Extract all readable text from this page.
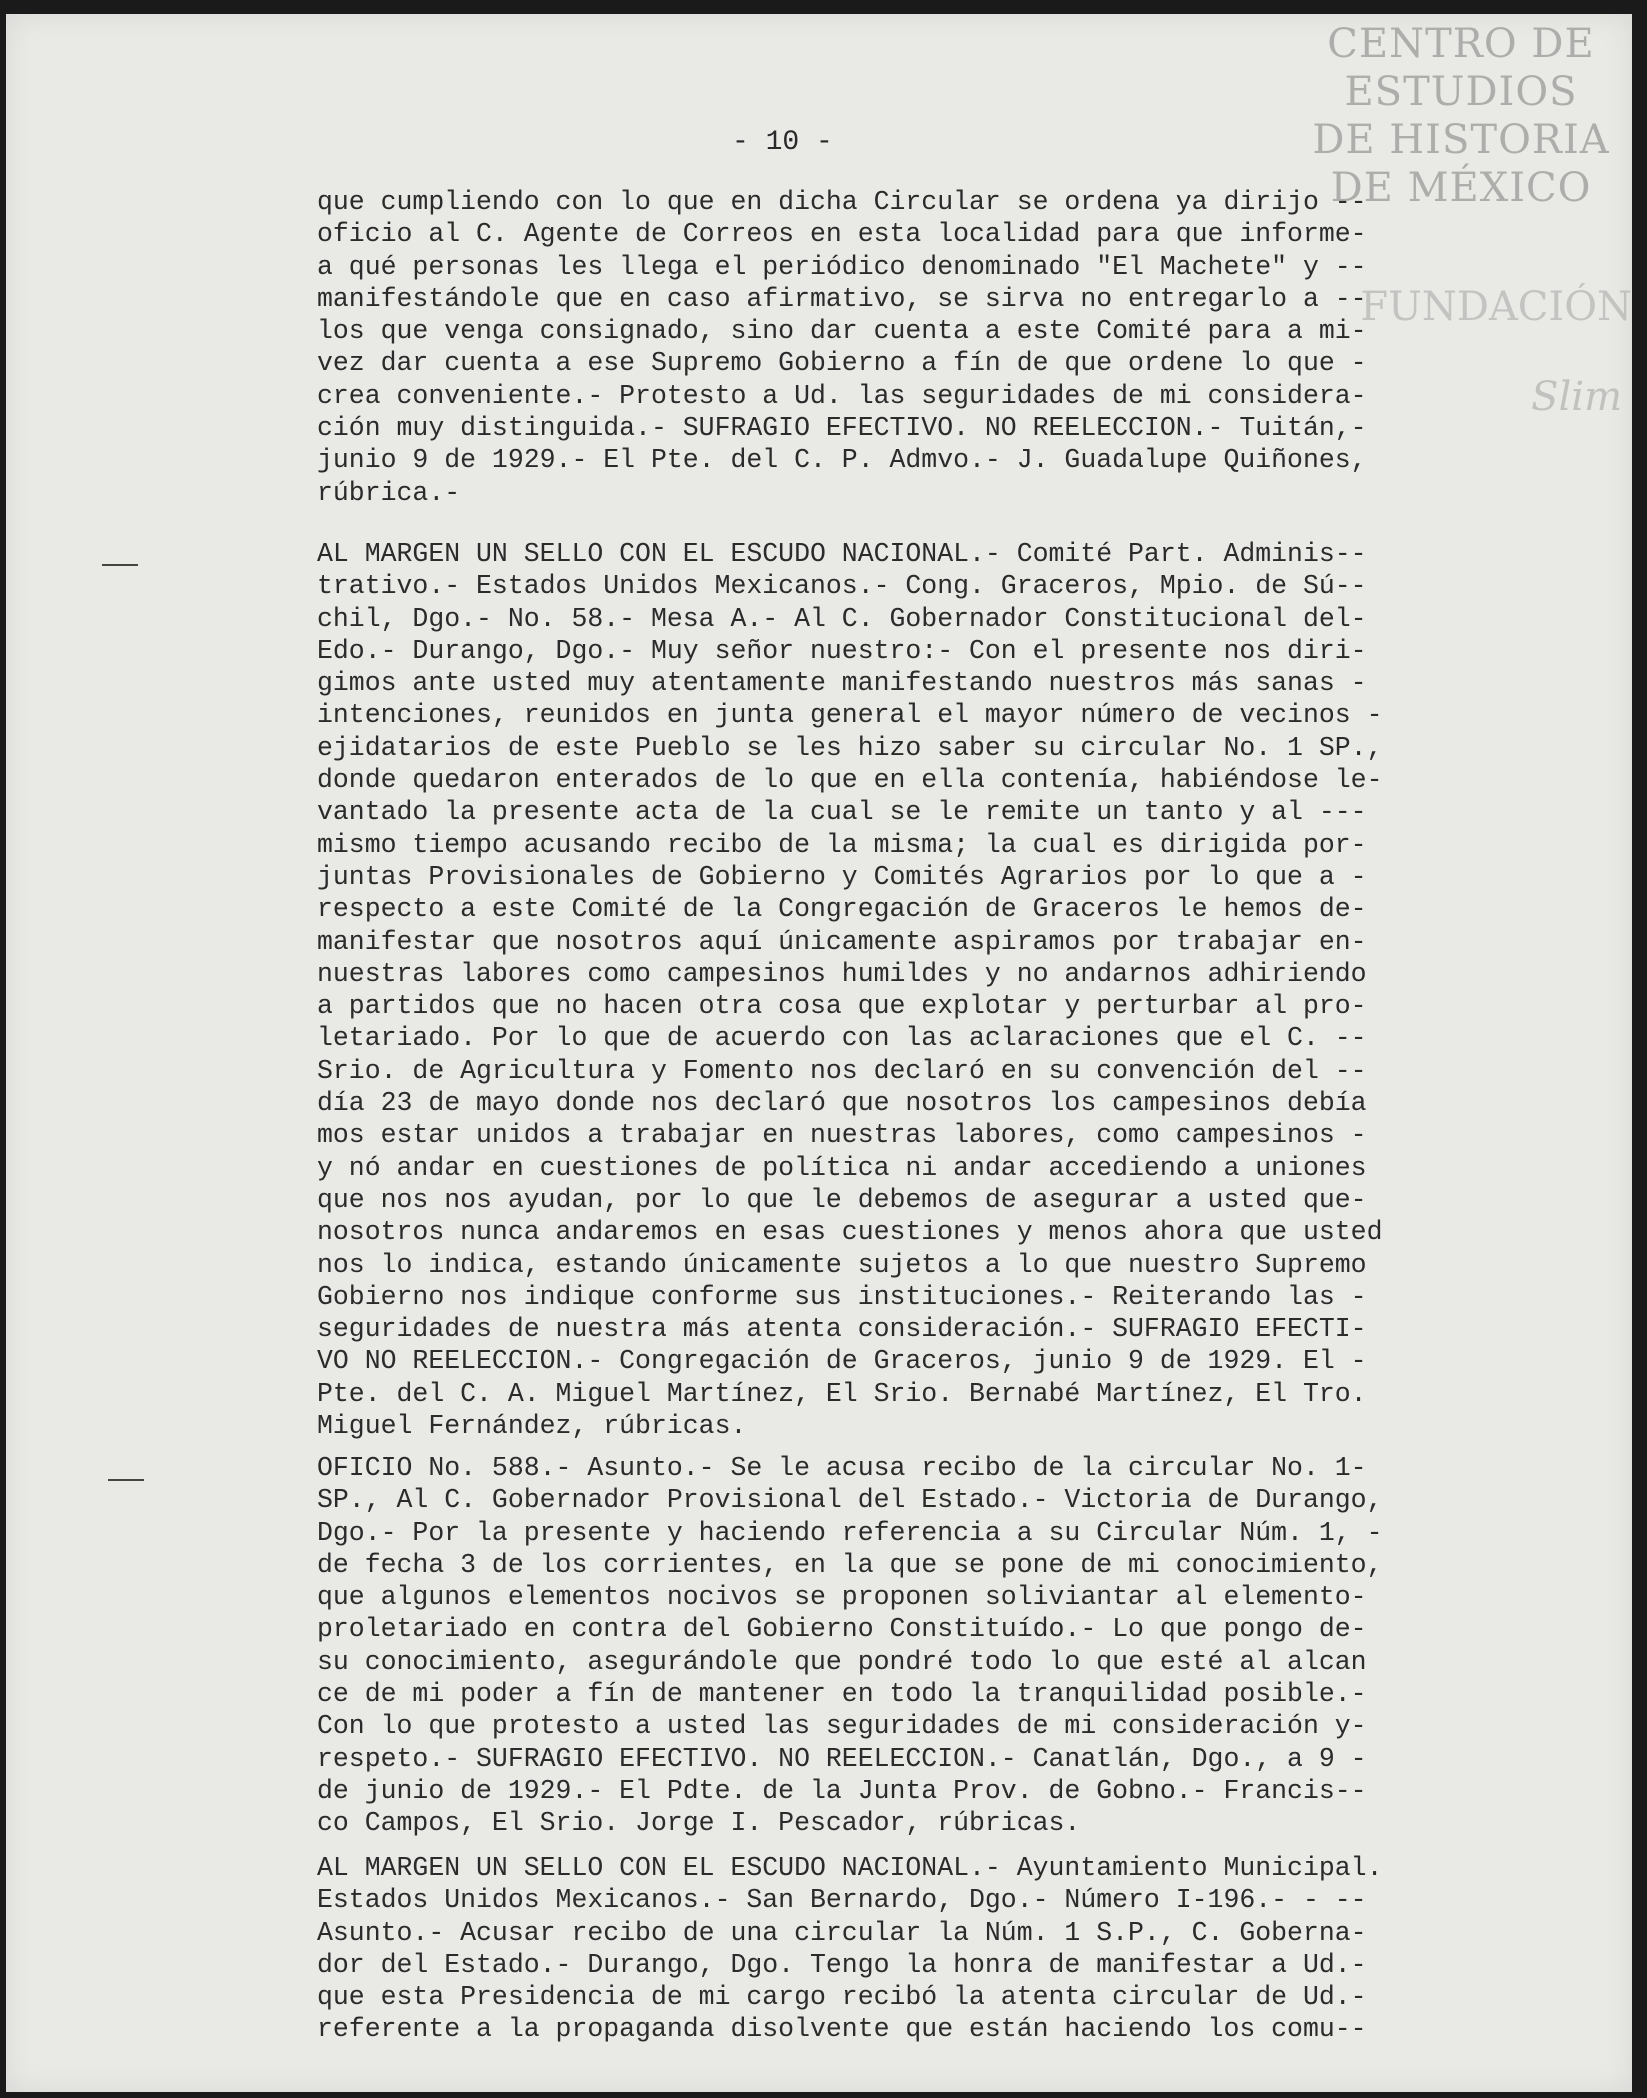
CENTRO DE
ESTUDIOS
DE HISTORIA
DE MÉXICO
FUNDACIÓN
Slim
- 10 -
que cumpliendo con lo que en dicha Circular se ordena ya dirijo --
oficio al C. Agente de Correos en esta localidad para que informe-
a qué personas les llega el periódico denominado "El Machete" y --
manifestándole que en caso afirmativo, se sirva no entregarlo a --
los que venga consignado, sino dar cuenta a este Comité para a mi-
vez dar cuenta a ese Supremo Gobierno a fín de que ordene lo que -
crea conveniente.- Protesto a Ud. las seguridades de mi considera-
ción muy distinguida.- SUFRAGIO EFECTIVO. NO REELECCION.- Tuitán,-
junio 9 de 1929.- El Pte. del C. P. Admvo.- J. Guadalupe Quiñones,
rúbrica.-
AL MARGEN UN SELLO CON EL ESCUDO NACIONAL.- Comité Part. Adminis--
trativo.- Estados Unidos Mexicanos.- Cong. Graceros, Mpio. de Sú--
chil, Dgo.- No. 58.- Mesa A.- Al C. Gobernador Constitucional del-
Edo.- Durango, Dgo.- Muy señor nuestro:- Con el presente nos diri-
gimos ante usted muy atentamente manifestando nuestros más sanas -
intenciones, reunidos en junta general el mayor número de vecinos -
ejidatarios de este Pueblo se les hizo saber su circular No. 1 SP.,
donde quedaron enterados de lo que en ella contenía, habiéndose le-
vantado la presente acta de la cual se le remite un tanto y al ---
mismo tiempo acusando recibo de la misma; la cual es dirigida por-
juntas Provisionales de Gobierno y Comités Agrarios por lo que a -
respecto a este Comité de la Congregación de Graceros le hemos de-
manifestar que nosotros aquí únicamente aspiramos por trabajar en-
nuestras labores como campesinos humildes y no andarnos adhiriendo
a partidos que no hacen otra cosa que explotar y perturbar al pro-
letariado. Por lo que de acuerdo con las aclaraciones que el C. --
Srio. de Agricultura y Fomento nos declaró en su convención del --
día 23 de mayo donde nos declaró que nosotros los campesinos debía
mos estar unidos a trabajar en nuestras labores, como campesinos -
y nó andar en cuestiones de política ni andar accediendo a uniones
que nos nos ayudan, por lo que le debemos de asegurar a usted que-
nosotros nunca andaremos en esas cuestiones y menos ahora que usted
nos lo indica, estando únicamente sujetos a lo que nuestro Supremo
Gobierno nos indique conforme sus instituciones.- Reiterando las -
seguridades de nuestra más atenta consideración.- SUFRAGIO EFECTI-
VO NO REELECCION.- Congregación de Graceros, junio 9 de 1929. El -
Pte. del C. A. Miguel Martínez, El Srio. Bernabé Martínez, El Tro.
Miguel Fernández, rúbricas.
OFICIO No. 588.- Asunto.- Se le acusa recibo de la circular No. 1-
SP., Al C. Gobernador Provisional del Estado.- Victoria de Durango,
Dgo.- Por la presente y haciendo referencia a su Circular Núm. 1, -
de fecha 3 de los corrientes, en la que se pone de mi conocimiento,
que algunos elementos nocivos se proponen soliviantar al elemento-
proletariado en contra del Gobierno Constituído.- Lo que pongo de-
su conocimiento, asegurándole que pondré todo lo que esté al alcan
ce de mi poder a fín de mantener en todo la tranquilidad posible.-
Con lo que protesto a usted las seguridades de mi consideración y-
respeto.- SUFRAGIO EFECTIVO. NO REELECCION.- Canatlán, Dgo., a 9 -
de junio de 1929.- El Pdte. de la Junta Prov. de Gobno.- Francis--
co Campos, El Srio. Jorge I. Pescador, rúbricas.
AL MARGEN UN SELLO CON EL ESCUDO NACIONAL.- Ayuntamiento Municipal.
Estados Unidos Mexicanos.- San Bernardo, Dgo.- Número I-196.- - --
Asunto.- Acusar recibo de una circular la Núm. 1 S.P., C. Goberna-
dor del Estado.- Durango, Dgo. Tengo la honra de manifestar a Ud.-
que esta Presidencia de mi cargo recibó la atenta circular de Ud.-
referente a la propaganda disolvente que están haciendo los comu--
